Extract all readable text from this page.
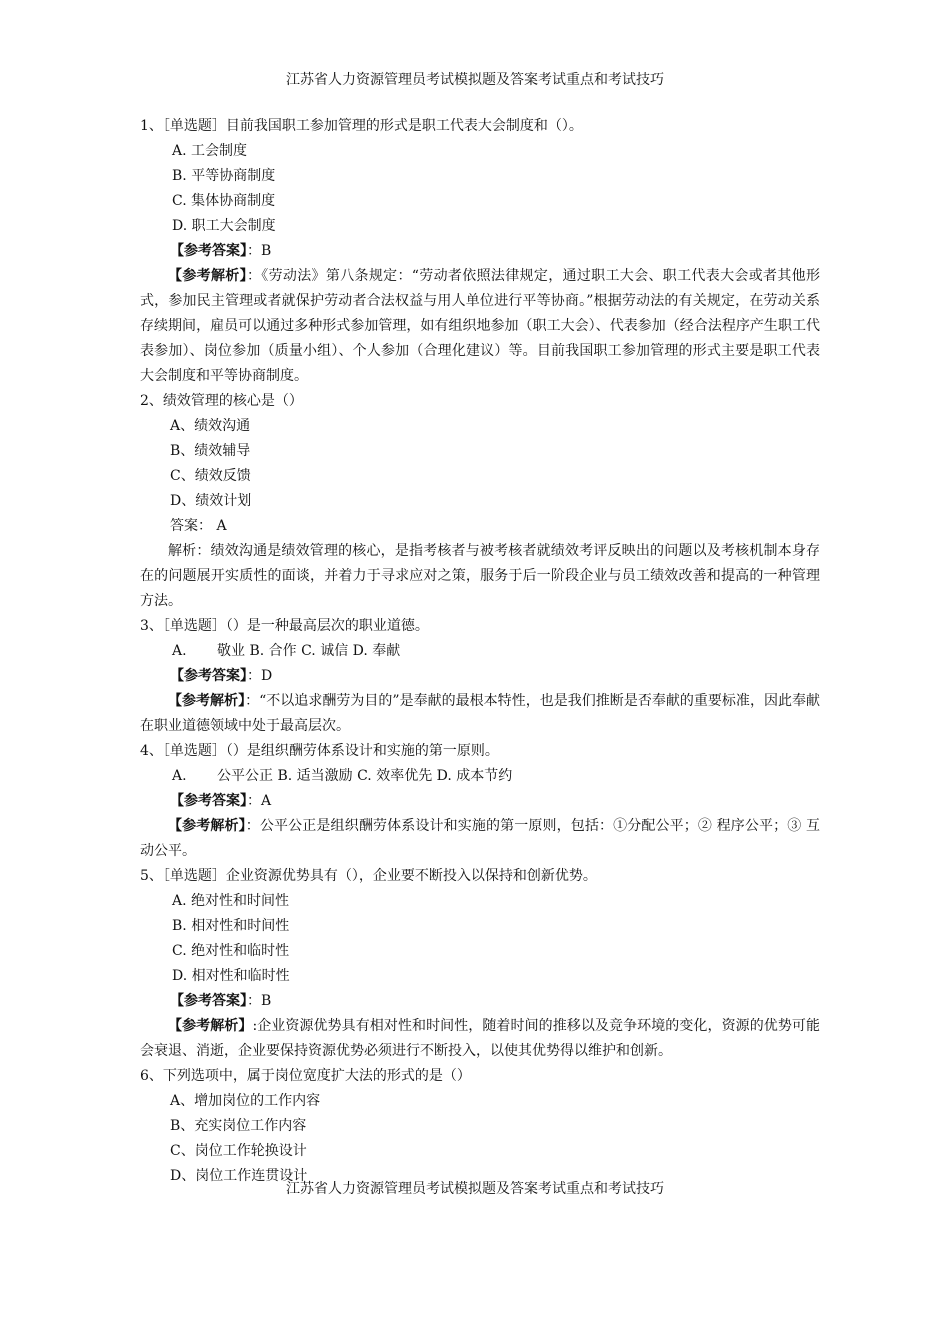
江苏省人力资源管理员考试模拟题及答案考试重点和考试技巧
1、［单选题］目前我国职工参加管理的形式是职工代表大会制度和（）。
A. 工会制度
B. 平等协商制度
C. 集体协商制度
D. 职工大会制度
【参考答案】：B
【参考解析】：《劳动法》第八条规定：“劳动者依照法律规定，通过职工大会、职工代表大会或者其他形式，参加民主管理或者就保护劳动者合法权益与用人单位进行平等协商。”根据劳动法的有关规定，在劳动关系存续期间，雇员可以通过多种形式参加管理，如有组织地参加（职工大会）、代表参加（经合法程序产生职工代表参加）、岗位参加（质量小组）、个人参加（合理化建议）等。目前我国职工参加管理的形式主要是职工代表大会制度和平等协商制度。
2、绩效管理的核心是（）
A、绩效沟通
B、绩效辅导
C、绩效反馈
D、绩效计划
答案： A
解析：绩效沟通是绩效管理的核心，是指考核者与被考核者就绩效考评反映出的问题以及考核机制本身存在的问题展开实质性的面谈，并着力于寻求应对之策，服务于后一阶段企业与员工绩效改善和提高的一种管理方法。
3、［单选题］（）是一种最高层次的职业道德。
A. 敬业 B. 合作 C. 诚信 D. 奉献
【参考答案】：D
【参考解析】：“不以追求酬劳为目的”是奉献的最根本特性，也是我们推断是否奉献的重要标准，因此奉献在职业道德领域中处于最高层次。
4、［单选题］（）是组织酬劳体系设计和实施的第一原则。
A. 公平公正 B. 适当激励 C. 效率优先 D. 成本节约
【参考答案】：A
【参考解析】：公平公正是组织酬劳体系设计和实施的第一原则，包括：①分配公平；② 程序公平；③ 互动公平。
5、［单选题］企业资源优势具有（），企业要不断投入以保持和创新优势。
A. 绝对性和时间性
B. 相对性和时间性
C. 绝对性和临时性
D. 相对性和临时性
【参考答案】：B
【参考解析】:企业资源优势具有相对性和时间性，随着时间的推移以及竞争环境的变化，资源的优势可能会衰退、消逝，企业要保持资源优势必须进行不断投入，以使其优势得以维护和创新。
6、下列选项中，属于岗位宽度扩大法的形式的是（）
A、增加岗位的工作内容
B、充实岗位工作内容
C、岗位工作轮换设计
D、岗位工作连贯设计
江苏省人力资源管理员考试模拟题及答案考试重点和考试技巧
